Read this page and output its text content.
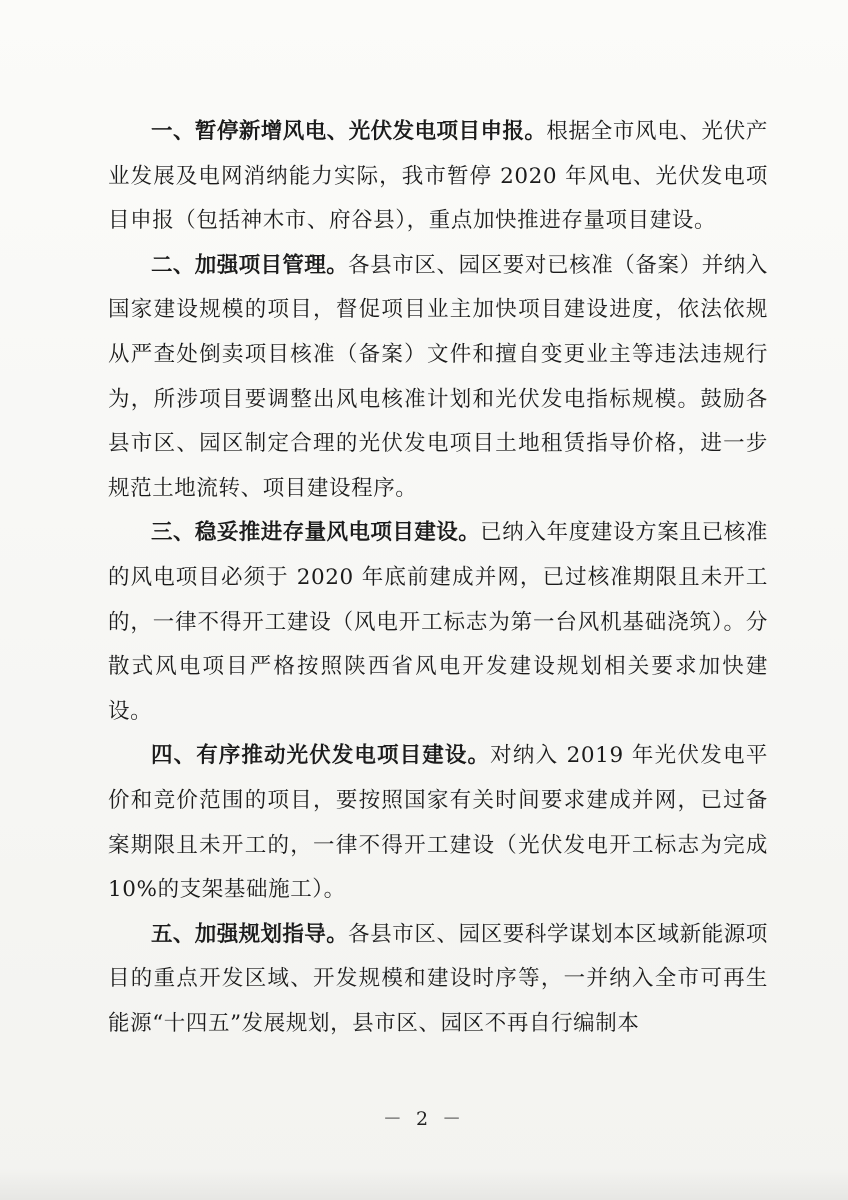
一、暂停新增风电、光伏发电项目申报。根据全市风电、光伏产业发展及电网消纳能力实际，我市暂停 2020 年风电、光伏发电项目申报（包括神木市、府谷县），重点加快推进存量项目建设。

二、加强项目管理。各县市区、园区要对已核准（备案）并纳入国家建设规模的项目，督促项目业主加快项目建设进度，依法依规从严查处倒卖项目核准（备案）文件和擅自变更业主等违法违规行为，所涉项目要调整出风电核准计划和光伏发电指标规模。鼓励各县市区、园区制定合理的光伏发电项目土地租赁指导价格，进一步规范土地流转、项目建设程序。

三、稳妥推进存量风电项目建设。已纳入年度建设方案且已核准的风电项目必须于 2020 年底前建成并网，已过核准期限且未开工的，一律不得开工建设（风电开工标志为第一台风机基础浇筑）。分散式风电项目严格按照陕西省风电开发建设规划相关要求加快建设。

四、有序推动光伏发电项目建设。对纳入 2019 年光伏发电平价和竞价范围的项目，要按照国家有关时间要求建成并网，已过备案期限且未开工的，一律不得开工建设（光伏发电开工标志为完成 10%的支架基础施工）。

五、加强规划指导。各县市区、园区要科学谋划本区域新能源项目的重点开发区域、开发规模和建设时序等，一并纳入全市可再生能源“十四五”发展规划，县市区、园区不再自行编制本

－ 2 －
